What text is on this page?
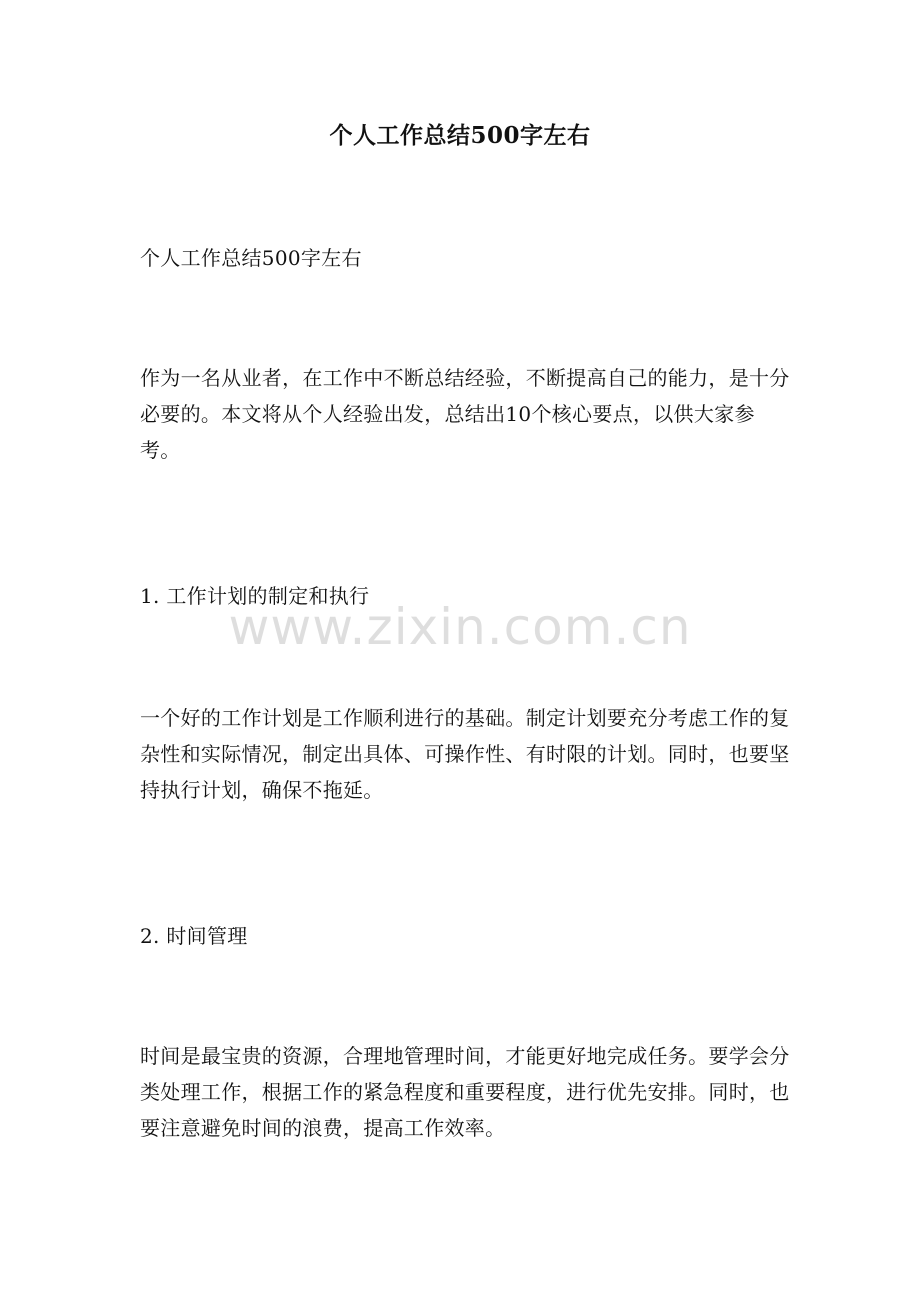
个人工作总结500字左右

个人工作总结500字左右

作为一名从业者，在工作中不断总结经验，不断提高自己的能力，是十分必要的。本文将从个人经验出发，总结出10个核心要点，以供大家参考。

1. 工作计划的制定和执行

一个好的工作计划是工作顺利进行的基础。制定计划要充分考虑工作的复杂性和实际情况，制定出具体、可操作性、有时限的计划。同时，也要坚持执行计划，确保不拖延。

2. 时间管理

时间是最宝贵的资源，合理地管理时间，才能更好地完成任务。要学会分类处理工作，根据工作的紧急程度和重要程度，进行优先安排。同时，也要注意避免时间的浪费，提高工作效率。

www.zixin.com.cn
